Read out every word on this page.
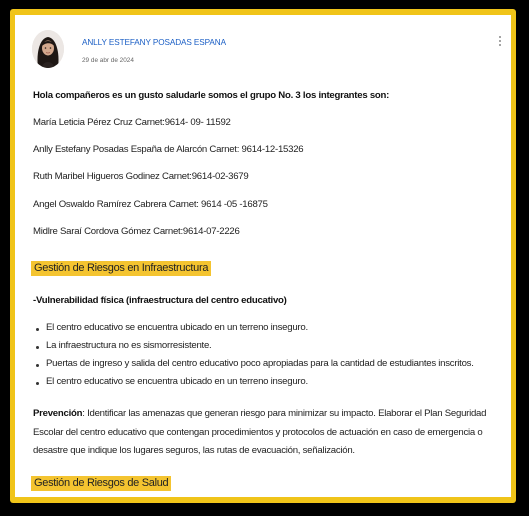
ANLLY ESTEFANY POSADAS ESPANA
29 de abr de 2024
Hola compañeros es un gusto saludarle somos el grupo No. 3 los integrantes son:
María Leticia Pérez Cruz Carnet:9614- 09- 11592
Anlly Estefany Posadas España de Alarcón Carnet: 9614-12-15326
Ruth Maribel Higueros Godinez Carnet:9614-02-3679
Angel Oswaldo Ramírez Cabrera Carnet: 9614 -05 -16875
Midlre Saraí Cordova Gómez Carnet:9614-07-2226
Gestión de Riesgos en Infraestructura
-Vulnerabilidad física (infraestructura del centro educativo)
El centro educativo se encuentra ubicado en un terreno inseguro.
La infraestructura no es sismorresistente.
Puertas de ingreso y salida del centro educativo poco apropiadas para la cantidad de estudiantes inscritos.
El centro educativo se encuentra ubicado en un terreno inseguro.
Prevención: Identificar las amenazas que generan riesgo para minimizar su impacto. Elaborar el Plan Seguridad Escolar del centro educativo que contengan procedimientos y protocolos de actuación en caso de emergencia o desastre que indique los lugares seguros, las rutas de evacuación, señalización.
Gestión de Riesgos de Salud
